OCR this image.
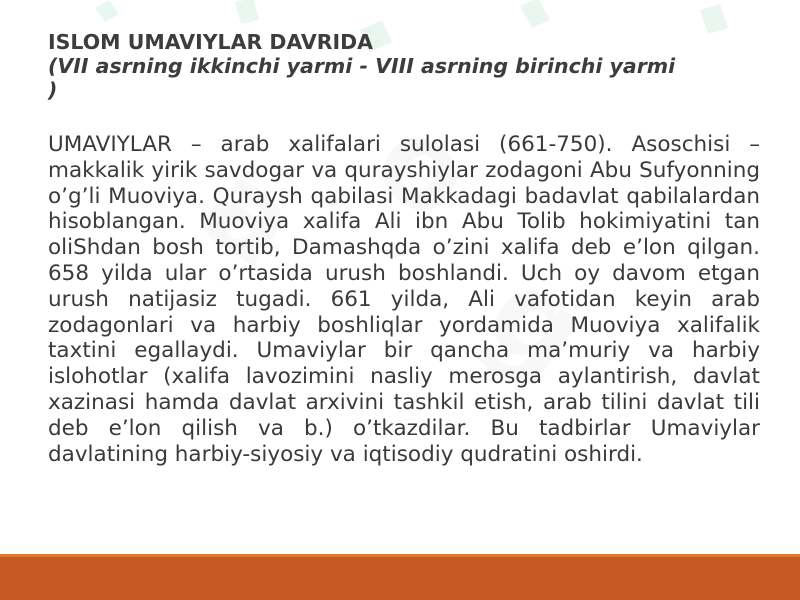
a
g
o
ISLOM UMAVIYLAR DAVRIDA
(VII asrning ikkinchi yarmi - VIII asrning birinchi yarmi )

UMAVIYLAR – arab xalifalari sulolasi (661-750). Asoschisi – makkalik yirik savdogar va qurayshiylar zodagoni Abu Sufyonning o’g’li Muoviya. Quraysh qabilasi Makkadagi badavlat qabilalardan hisoblangan. Muoviya xalifa Ali ibn Abu Tolib hokimiyatini tan oliShdan bosh tortib, Damashqda o’zini xalifa deb e’lon qilgan. 658 yilda ular o’rtasida urush boshlandi. Uch oy davom etgan urush natijasiz tugadi. 661 yilda, Ali vafotidan keyin arab zodagonlari va harbiy boshliqlar yordamida Muoviya xalifalik taxtini egallaydi. Umaviylar bir qancha ma’muriy va harbiy islohotlar (xalifa lavozimini nasliy merosga aylantirish, davlat xazinasi hamda davlat arxivini tashkil etish, arab tilini davlat tili deb e’lon qilish va b.) o’tkazdilar. Bu tadbirlar Umaviylar davlatining harbiy-siyosiy va iqtisodiy qudratini oshirdi.
